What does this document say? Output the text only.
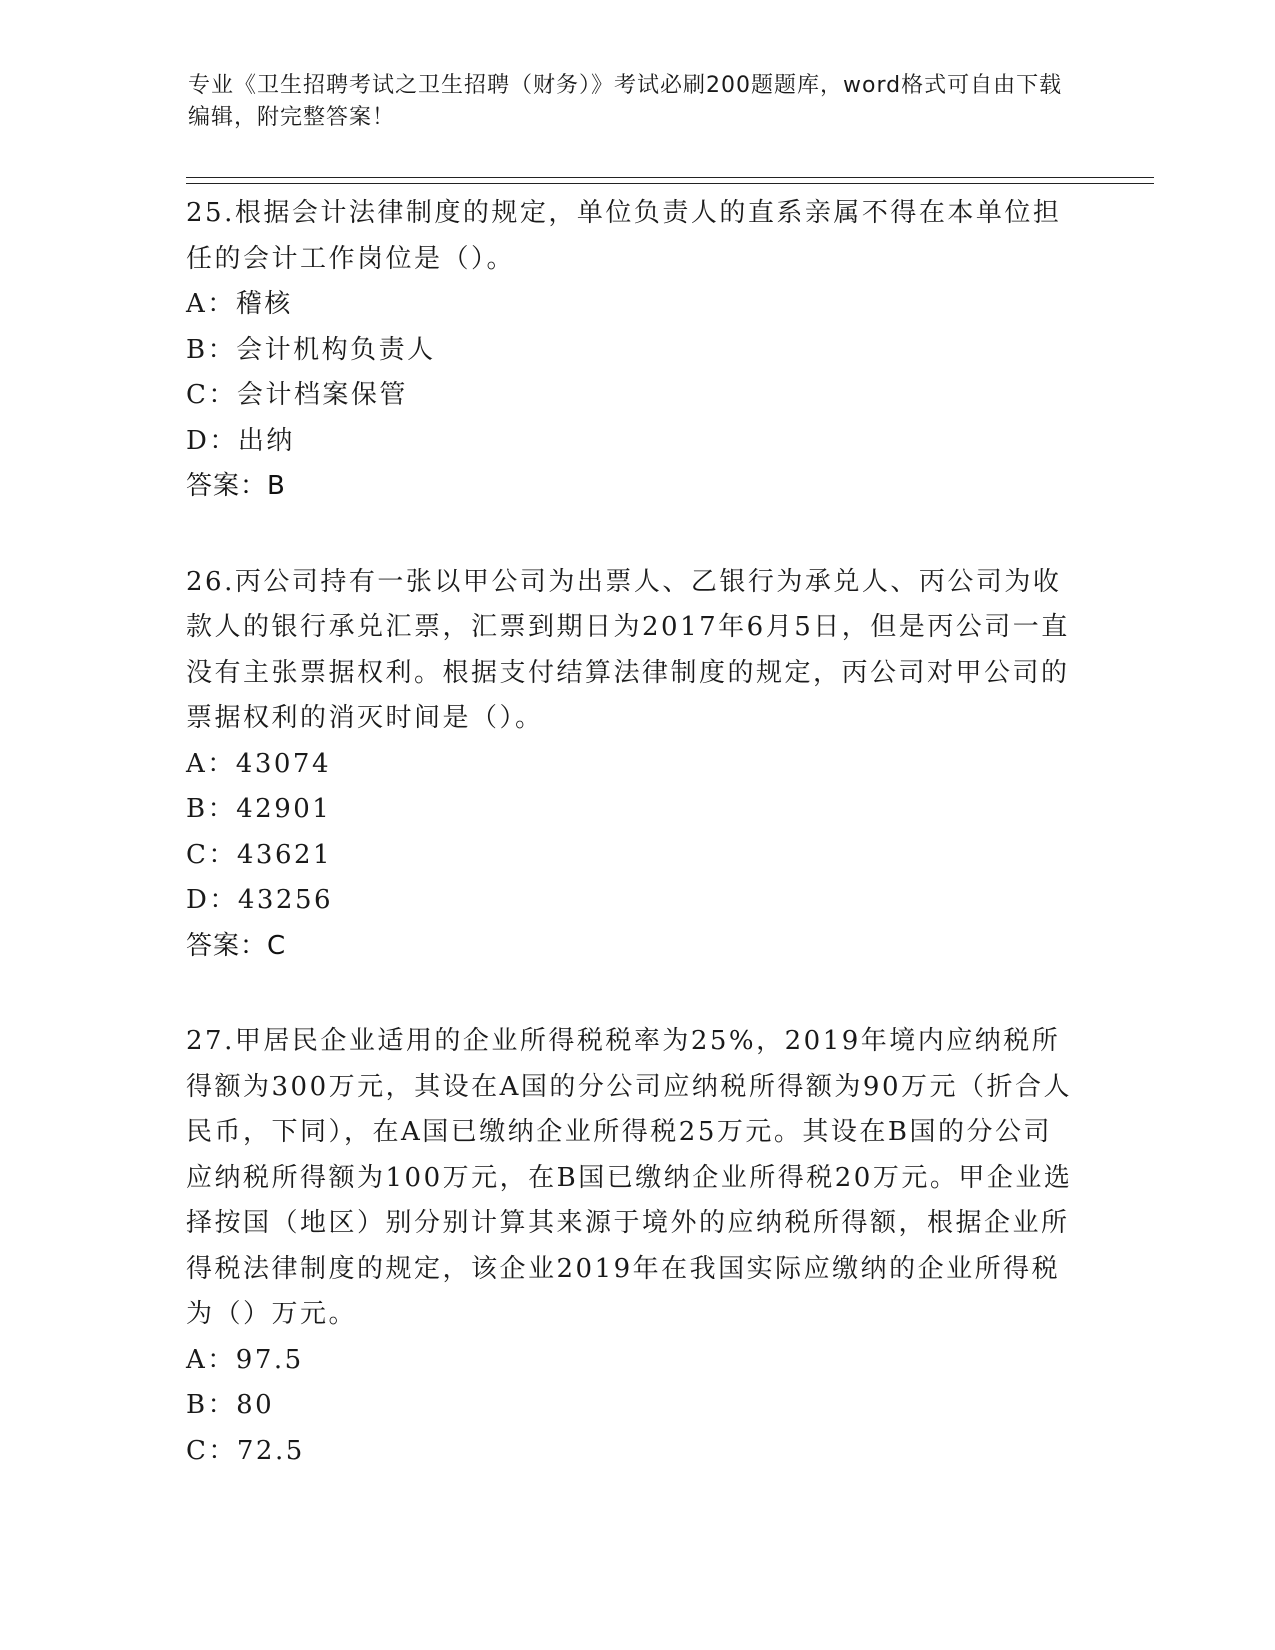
专业《卫生招聘考试之卫生招聘（财务）》考试必刷200题题库，word格式可自由下载编辑，附完整答案！

25.根据会计法律制度的规定，单位负责人的直系亲属不得在本单位担任的会计工作岗位是（）。

A：稽核

B：会计机构负责人

C：会计档案保管

D：出纳

答案：B

26.丙公司持有一张以甲公司为出票人、乙银行为承兑人、丙公司为收款人的银行承兑汇票，汇票到期日为2017年6月5日，但是丙公司一直没有主张票据权利。根据支付结算法律制度的规定，丙公司对甲公司的票据权利的消灭时间是（）。

A：43074

B：42901

C：43621

D：43256

答案：C

27.甲居民企业适用的企业所得税税率为25%，2019年境内应纳税所得额为300万元，其设在A国的分公司应纳税所得额为90万元（折合人民币，下同），在A国已缴纳企业所得税25万元。其设在B国的分公司应纳税所得额为100万元，在B国已缴纳企业所得税20万元。甲企业选择按国（地区）别分别计算其来源于境外的应纳税所得额，根据企业所得税法律制度的规定，该企业2019年在我国实际应缴纳的企业所得税为（）万元。

A：97.5

B：80

C：72.5
